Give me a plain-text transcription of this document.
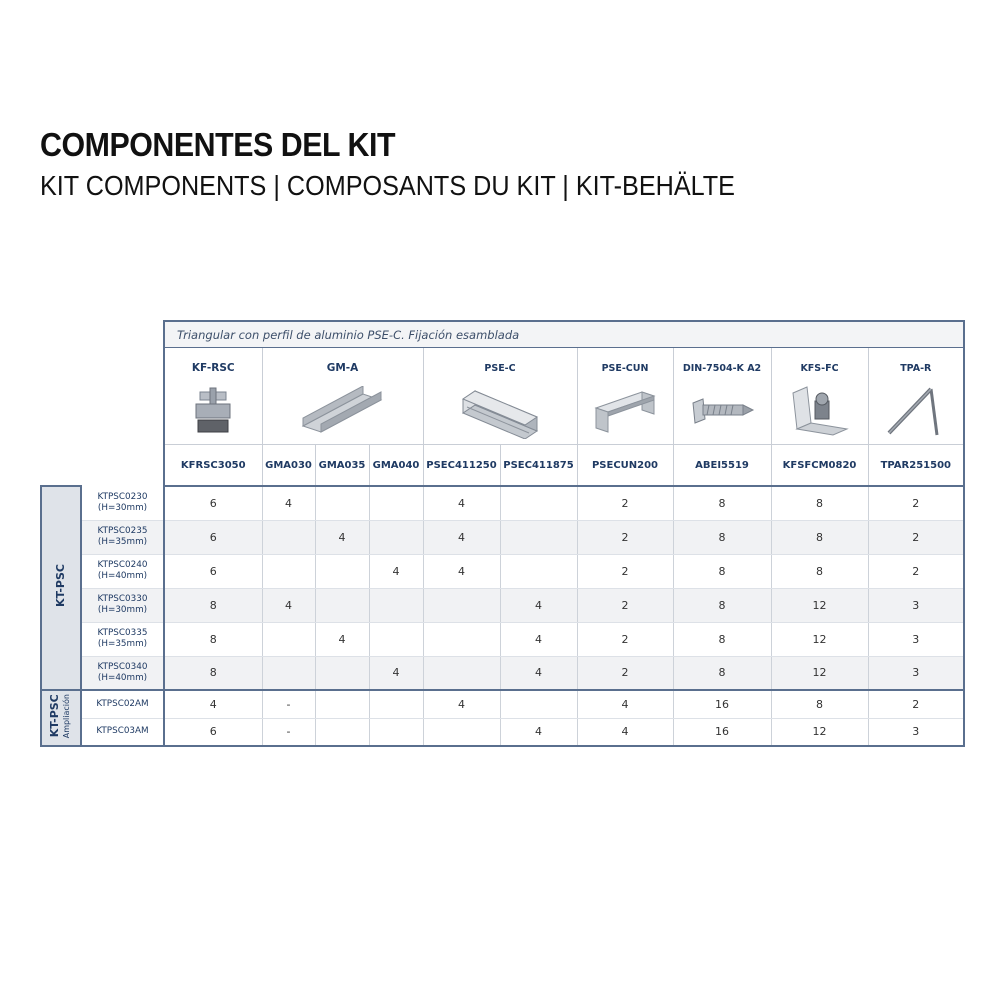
COMPONENTES DEL KIT
KIT COMPONENTS | COMPOSANTS DU KIT | KIT-BEHÄLTE
		Triangular con perfil de aluminio PSE-C. Fijación esamblada									
		KF-RSC	GM-A			PSE-C		PSE-CUN	DIN-7504-K A2	KFS-FC	TPA-R

		KFRSC3050	GMA030	GMA035	GMA040	PSEC411250	PSEC411875	PSECUN200	ABEI5519	KFSFCM0820	TPAR251500
KT-PSC	KTPSC0230
(H=30mm)	6	4			4		2	8	8	2
	KTPSC0235
(H=35mm)	6		4		4		2	8	8	2
	KTPSC0240
(H=40mm)	6			4	4		2	8	8	2
	KTPSC0330
(H=30mm)	8	4				4	2	8	12	3
	KTPSC0335
(H=35mm)	8		4			4	2	8	12	3
	KTPSC0340
(H=40mm)	8			4		4	2	8	12	3
KT-PSC
Ampliación	KTPSC02AM	4	-			4		4	16	8	2
	KTPSC03AM	6	-				4	4	16	12	3
